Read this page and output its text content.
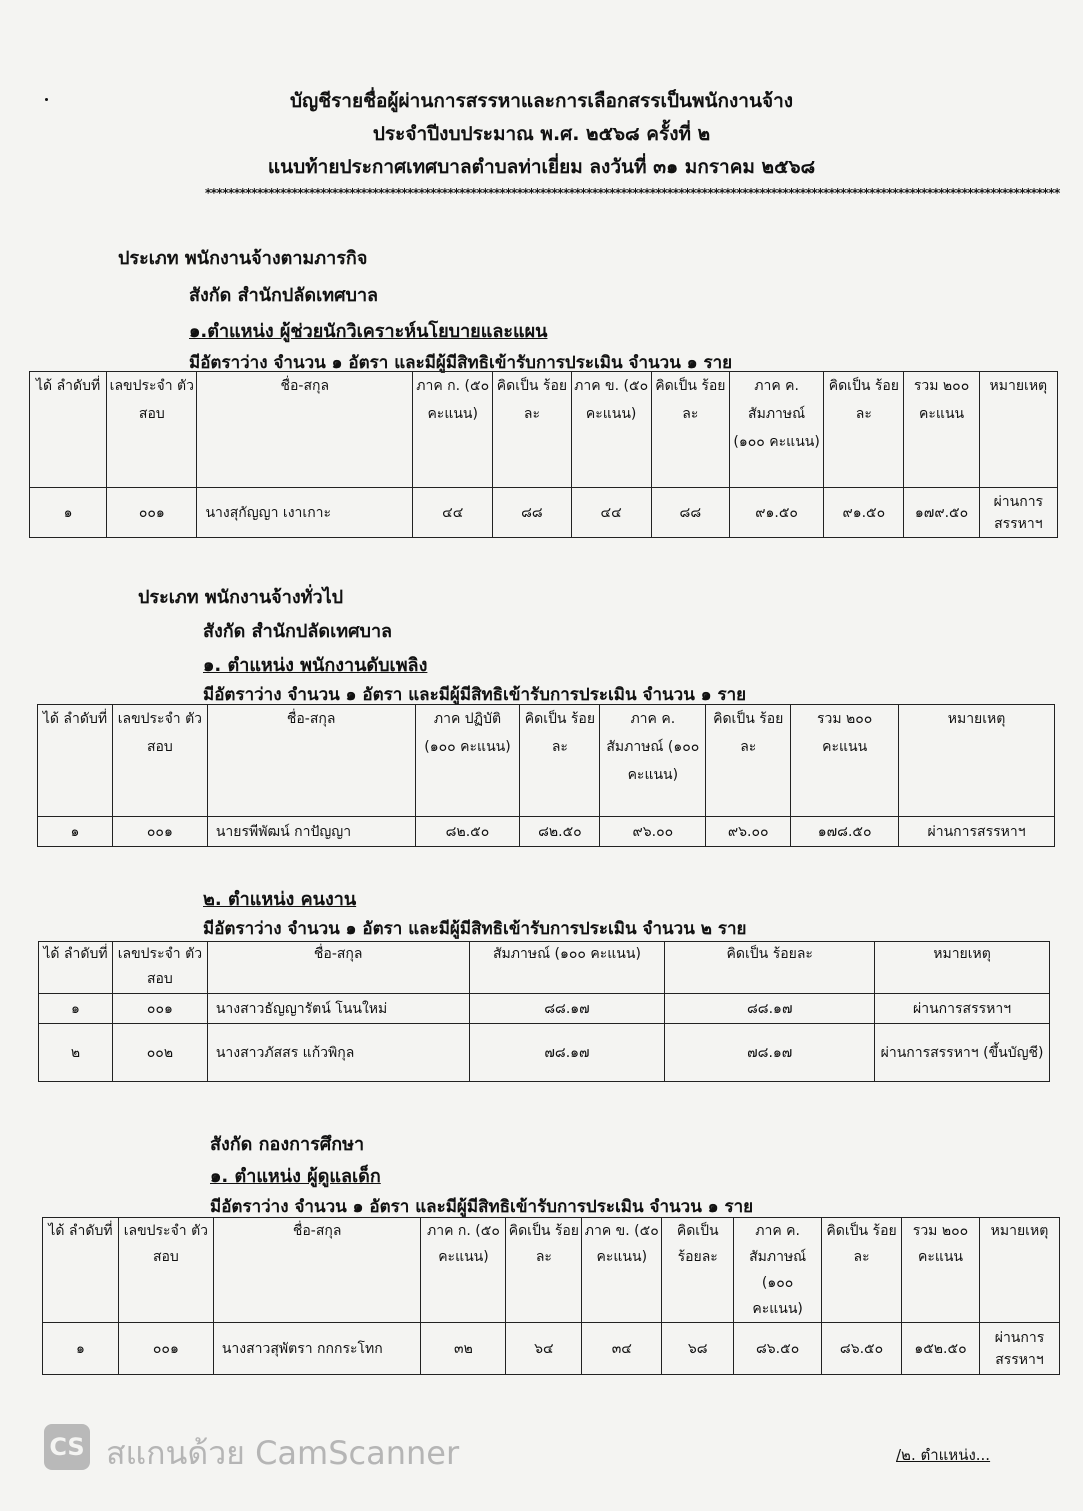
บัญชีรายชื่อผู้ผ่านการสรรหาและการเลือกสรรเป็นพนักงานจ้าง
ประจำปีงบประมาณ พ.ศ. ๒๕๖๘ ครั้งที่ ๒
แนบท้ายประกาศเทศบาลตำบลท่าเยี่ยม ลงวันที่ ๓๑ มกราคม ๒๕๖๘
****************************************************************************************************************************************************
ประเภท พนักงานจ้างตามภารกิจ
สังกัด สำนักปลัดเทศบาล
๑.ตำแหน่ง ผู้ช่วยนักวิเคราะห์นโยบายและแผน
มีอัตราว่าง จำนวน ๑ อัตรา และมีผู้มีสิทธิเข้ารับการประเมิน จำนวน ๑ ราย
ได้ ลำดับที่	เลขประจำ ตัวสอบ	ชื่อ-สกุล	ภาค ก. (๕๐ คะแนน)	คิดเป็น ร้อยละ	ภาค ข. (๕๐ คะแนน)	คิดเป็น ร้อยละ	ภาค ค. สัมภาษณ์ (๑๐๐ คะแนน)	คิดเป็น ร้อยละ	รวม ๒๐๐ คะแนน	หมายเหตุ
๑	๐๐๑	นางสุกัญญา เงาเกาะ	๔๔	๘๘	๔๔	๘๘	๙๑.๕๐	๙๑.๕๐	๑๗๙.๕๐	ผ่านการ สรรหาฯ
ประเภท พนักงานจ้างทั่วไป
สังกัด สำนักปลัดเทศบาล
๑. ตำแหน่ง พนักงานดับเพลิง
มีอัตราว่าง จำนวน ๑ อัตรา และมีผู้มีสิทธิเข้ารับการประเมิน จำนวน ๑ ราย
ได้ ลำดับที่	เลขประจำ ตัวสอบ	ชื่อ-สกุล	ภาค ปฏิบัติ (๑๐๐ คะแนน)	คิดเป็น ร้อยละ	ภาค ค. สัมภาษณ์ (๑๐๐ คะแนน)	คิดเป็น ร้อยละ	รวม ๒๐๐ คะแนน	หมายเหตุ
๑	๐๐๑	นายรพีพัฒน์ กาปัญญา	๘๒.๕๐	๘๒.๕๐	๙๖.๐๐	๙๖.๐๐	๑๗๘.๕๐	ผ่านการสรรหาฯ
๒. ตำแหน่ง คนงาน
มีอัตราว่าง จำนวน ๑ อัตรา และมีผู้มีสิทธิเข้ารับการประเมิน จำนวน ๒ ราย
ได้ ลำดับที่	เลขประจำ ตัวสอบ	ชื่อ-สกุล	สัมภาษณ์ (๑๐๐ คะแนน)	คิดเป็น ร้อยละ	หมายเหตุ
๑	๐๐๑	นางสาวธัญญารัตน์ โนนใหม่	๘๘.๑๗	๘๘.๑๗	ผ่านการสรรหาฯ
๒	๐๐๒	นางสาวภัสสร แก้วพิกุล	๗๘.๑๗	๗๘.๑๗	ผ่านการสรรหาฯ (ขึ้นบัญชี)
สังกัด กองการศึกษา
๑. ตำแหน่ง ผู้ดูแลเด็ก
มีอัตราว่าง จำนวน ๑ อัตรา และมีผู้มีสิทธิเข้ารับการประเมิน จำนวน ๑ ราย
ได้ ลำดับที่	เลขประจำ ตัวสอบ	ชื่อ-สกุล	ภาค ก. (๕๐ คะแนน)	คิดเป็น ร้อยละ	ภาค ข. (๕๐ คะแนน)	คิดเป็น ร้อยละ	ภาค ค. สัมภาษณ์ (๑๐๐ คะแนน)	คิดเป็น ร้อยละ	รวม ๒๐๐ คะแนน	หมายเหตุ
๑	๐๐๑	นางสาวสุพัตรา กกกระโทก	๓๒	๖๔	๓๔	๖๘	๘๖.๕๐	๘๖.๕๐	๑๕๒.๕๐	ผ่านการ สรรหาฯ
CS สแกนด้วย CamScanner	/๒. ตำแหน่ง...
